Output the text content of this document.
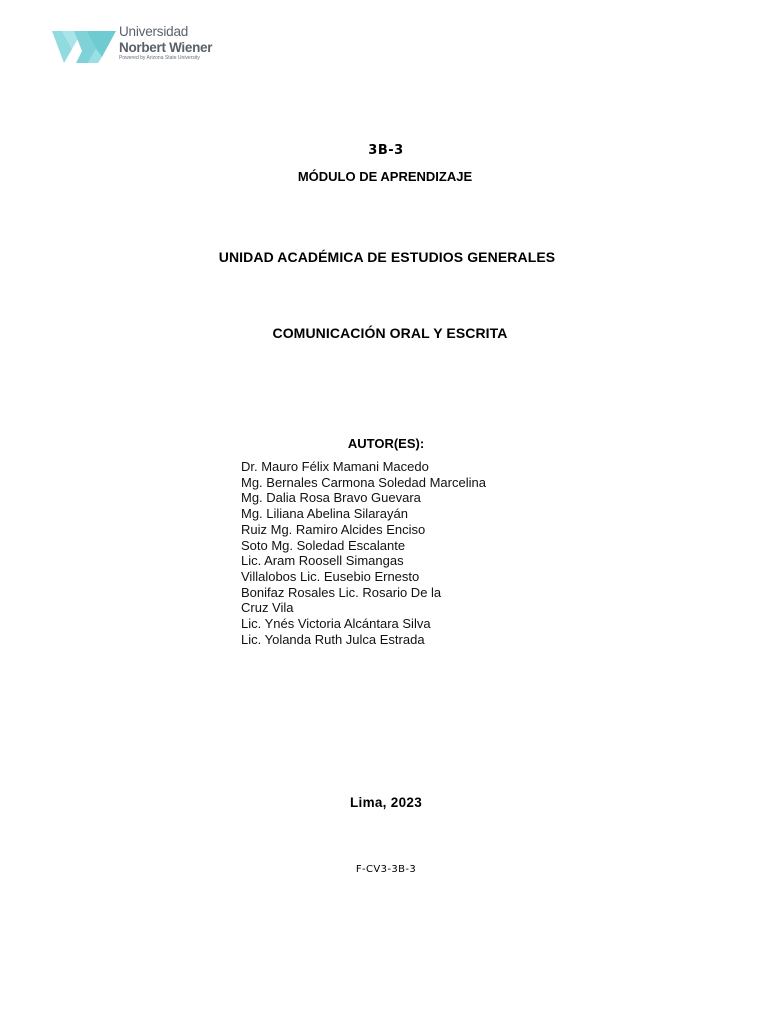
Universidad
Norbert Wiener
Powered by Arizona State University
3B-3
MÓDULO DE APRENDIZAJE
UNIDAD ACADÉMICA DE ESTUDIOS GENERALES
COMUNICACIÓN ORAL Y ESCRITA
AUTOR(ES):
Dr. Mauro Félix Mamani Macedo
Mg. Bernales Carmona Soledad Marcelina
Mg. Dalia Rosa Bravo Guevara
Mg. Liliana Abelina Silarayán
Ruiz Mg. Ramiro Alcides Enciso
Soto Mg. Soledad Escalante
Lic. Aram Roosell Simangas
Villalobos Lic. Eusebio Ernesto
Bonifaz Rosales Lic. Rosario De la
Cruz Vila
Lic. Ynés Victoria Alcántara Silva
Lic. Yolanda Ruth Julca Estrada
Lima, 2023
F-CV3-3B-3
